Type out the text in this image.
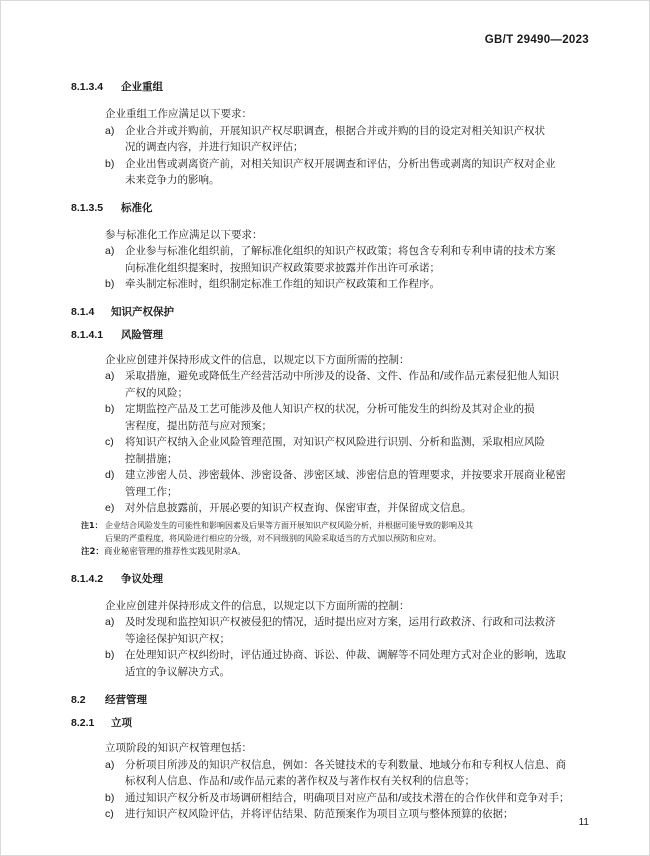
GB/T 29490—2023
8.1.3.4 企业重组
企业重组工作应满足以下要求：
a) 企业合并或并购前，开展知识产权尽职调查，根据合并或并购的目的设定对相关知识产权状
况的调查内容，并进行知识产权评估；
b) 企业出售或剥离资产前，对相关知识产权开展调查和评估，分析出售或剥离的知识产权对企业
未来竞争力的影响。
8.1.3.5 标准化
参与标准化工作应满足以下要求：
a) 企业参与标准化组织前，了解标准化组织的知识产权政策；将包含专利和专利申请的技术方案
向标准化组织提案时，按照知识产权政策要求披露并作出许可承诺；
b) 牵头制定标准时，组织制定标准工作组的知识产权政策和工作程序。
8.1.4 知识产权保护
8.1.4.1 风险管理
企业应创建并保持形成文件的信息，以规定以下方面所需的控制：
a) 采取措施，避免或降低生产经营活动中所涉及的设备、文件、作品和/或作品元素侵犯他人知识
产权的风险；
b) 定期监控产品及工艺可能涉及他人知识产权的状况，分析可能发生的纠纷及其对企业的损
害程度，提出防范与应对预案；
c) 将知识产权纳入企业风险管理范围，对知识产权风险进行识别、分析和监测，采取相应风险
控制措施；
d) 建立涉密人员、涉密载体、涉密设备、涉密区域、涉密信息的管理要求，并按要求开展商业秘密
管理工作；
e) 对外信息披露前，开展必要的知识产权查询、保密审查，并保留成文信息。
注1： 企业结合风险发生的可能性和影响因素及后果等方面开展知识产权风险分析，并根据可能导致的影响及其
后果的严重程度，将风险进行相应的分级，对不同级别的风险采取适当的方式加以预防和应对。
注2：商业秘密管理的推荐性实践见附录A。
8.1.4.2 争议处理
企业应创建并保持形成文件的信息，以规定以下方面所需的控制：
a) 及时发现和监控知识产权被侵犯的情况，适时提出应对方案，运用行政救济、行政和司法救济
等途径保护知识产权；
b) 在处理知识产权纠纷时，评估通过协商、诉讼、仲裁、调解等不同处理方式对企业的影响，选取
适宜的争议解决方式。
8.2 经营管理
8.2.1 立项
立项阶段的知识产权管理包括：
a) 分析项目所涉及的知识产权信息，例如：各关键技术的专利数量、地域分布和专利权人信息、商
标权利人信息、作品和/或作品元素的著作权及与著作权有关权利的信息等；
b) 通过知识产权分析及市场调研相结合，明确项目对应产品和/或技术潜在的合作伙伴和竞争对手；
c) 进行知识产权风险评估，并将评估结果、防范预案作为项目立项与整体预算的依据；
11
